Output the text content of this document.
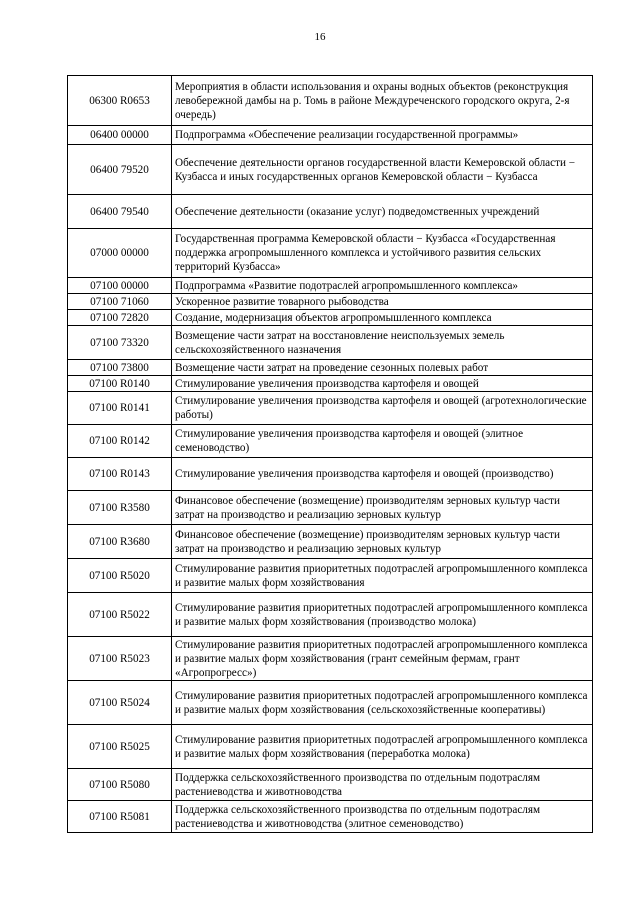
16
06300 R0653	Мероприятия в области использования и охраны водных объектов (реконструкция левобережной дамбы на р. Томь в районе Междуреченского городского округа, 2-я очередь)
06400 00000	Подпрограмма «Обеспечение реализации государственной программы»
06400 79520	Обеспечение деятельности органов государственной власти Кемеровской области − Кузбасса и иных государственных органов Кемеровской области − Кузбасса
06400 79540	Обеспечение деятельности (оказание услуг) подведомственных учреждений
07000 00000	Государственная программа Кемеровской области − Кузбасса «Государственная поддержка агропромышленного комплекса и устойчивого развития сельских территорий Кузбасса»
07100 00000	Подпрограмма «Развитие подотраслей агропромышленного комплекса»
07100 71060	Ускоренное развитие товарного рыбоводства
07100 72820	Создание, модернизация объектов агропромышленного комплекса
07100 73320	Возмещение части затрат на восстановление неиспользуемых земель сельскохозяйственного назначения
07100 73800	Возмещение части затрат на проведение сезонных полевых работ
07100 R0140	Стимулирование увеличения производства картофеля и овощей
07100 R0141	Стимулирование увеличения производства картофеля и овощей (агротехнологические работы)
07100 R0142	Стимулирование увеличения производства картофеля и овощей (элитное семеноводство)
07100 R0143	Стимулирование увеличения производства картофеля и овощей (производство)
07100 R3580	Финансовое обеспечение (возмещение) производителям зерновых культур части затрат на производство и реализацию зерновых культур
07100 R3680	Финансовое обеспечение (возмещение) производителям зерновых культур части затрат на производство и реализацию зерновых культур
07100 R5020	Стимулирование развития приоритетных подотраслей агропромышленного комплекса и развитие малых форм хозяйствования
07100 R5022	Стимулирование развития приоритетных подотраслей агропромышленного комплекса и развитие малых форм хозяйствования (производство молока)
07100 R5023	Стимулирование развития приоритетных подотраслей агропромышленного комплекса и развитие малых форм хозяйствования (грант семейным фермам, грант «Агропрогресс»)
07100 R5024	Стимулирование развития приоритетных подотраслей агропромышленного комплекса и развитие малых форм хозяйствования (сельскохозяйственные кооперативы)
07100 R5025	Стимулирование развития приоритетных подотраслей агропромышленного комплекса и развитие малых форм хозяйствования (переработка молока)
07100 R5080	Поддержка сельскохозяйственного производства по отдельным подотраслям растениеводства и животноводства
07100 R5081	Поддержка сельскохозяйственного производства по отдельным подотраслям растениеводства и животноводства (элитное семеноводство)
